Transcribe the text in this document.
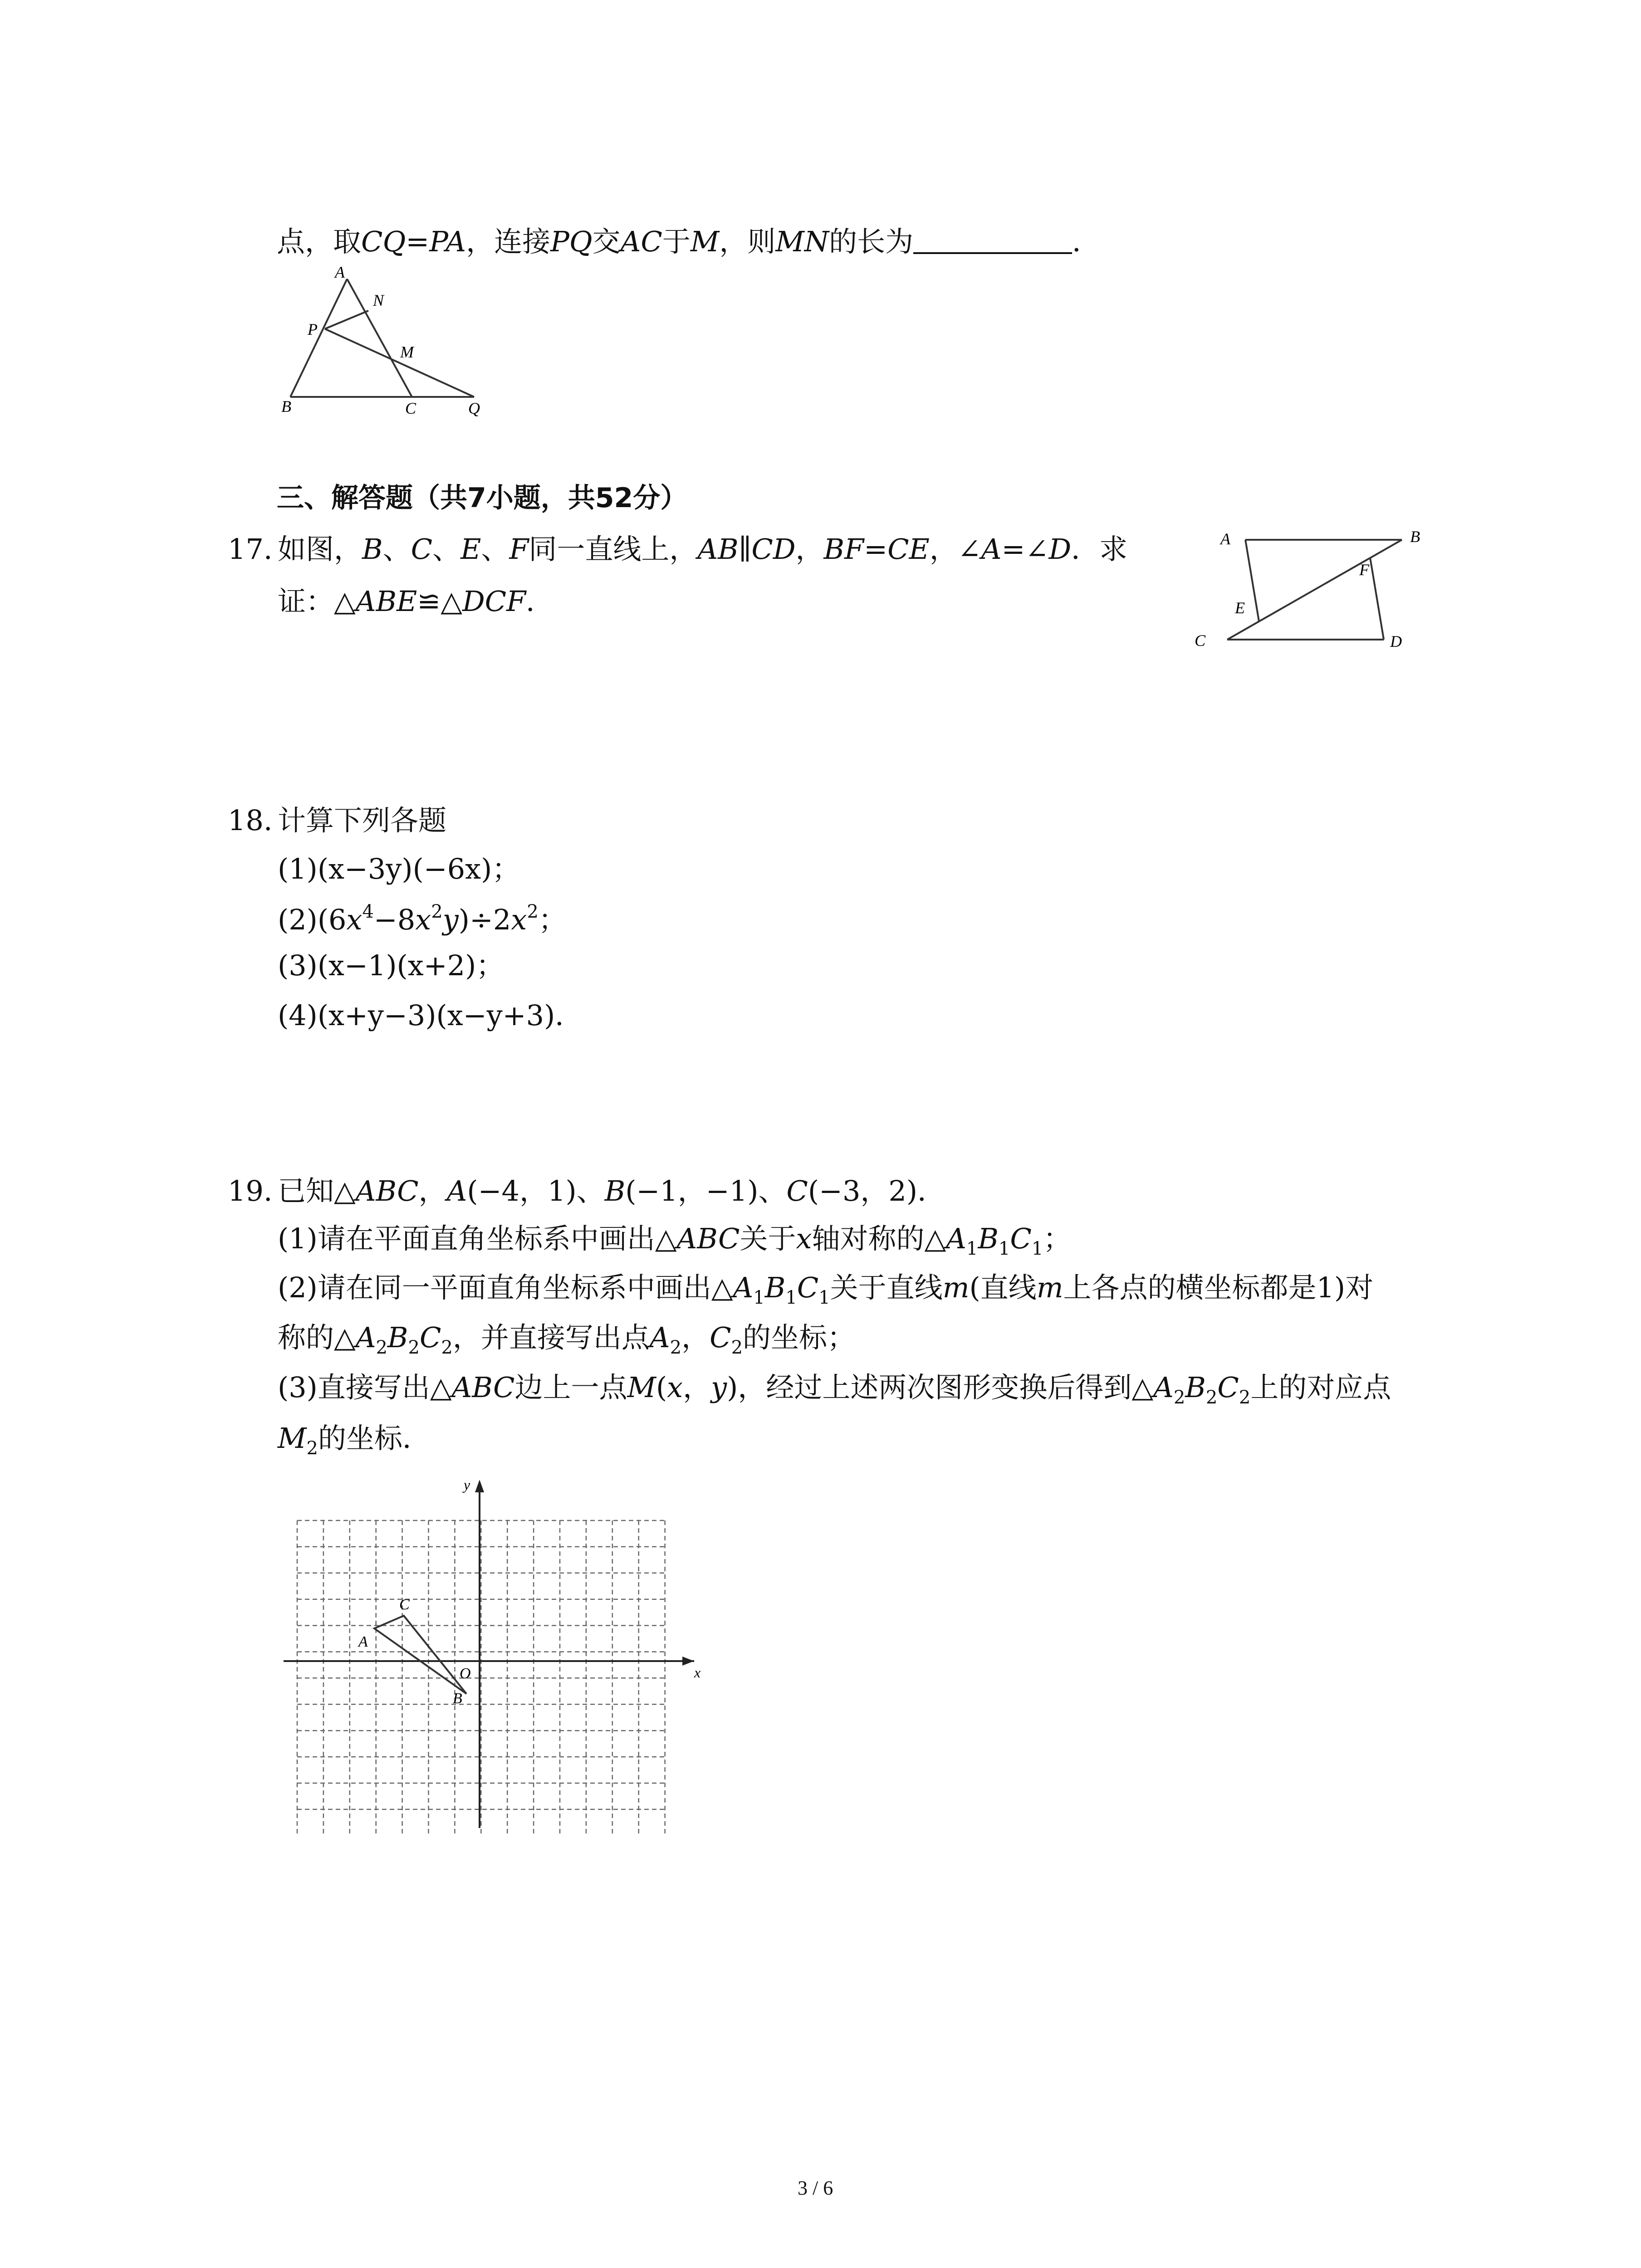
点，取CQ=PA，连接PQ交AC于M，则MN的长为	．
A
N
P
M
B	C	Q
三、解答题（共7小题，共52分）
17. 如图，B、C、E、F同一直线上，AB∥CD，BF=CE，∠A=∠D．求
证：△ABE≌△DCF．
A	B
F
E
C	D
18. 计算下列各题
(1)(x−3y)(−6x)；
$(2)(6x^4-8x^2y)\div 2x^2$；
(3)(x−1)(x+2)；
(4)(x+y−3)(x−y+3)．
19. 已知△ABC，A(−4，1)、B(−1，−1)、C(−3，2)．
(1)请在平面直角坐标系中画出△ABC关于x轴对称的$\triangle A_1B_1C_1$；
(2)请在同一平面直角坐标系中画出$\triangle A_1B_1C_1$关于直线m(直线m上各点的横坐标都是1)对
称的$\triangle A_2B_2C_2$，并直接写出点$A_2$，$C_2$的坐标；
(3)直接写出△ABC边上一点M(x，y)，经过上述两次图形变换后得到$\triangle A_2B_2C_2$上的对应点
$M_2$的坐标．
x
y
O
A
B
C
3 / 6
